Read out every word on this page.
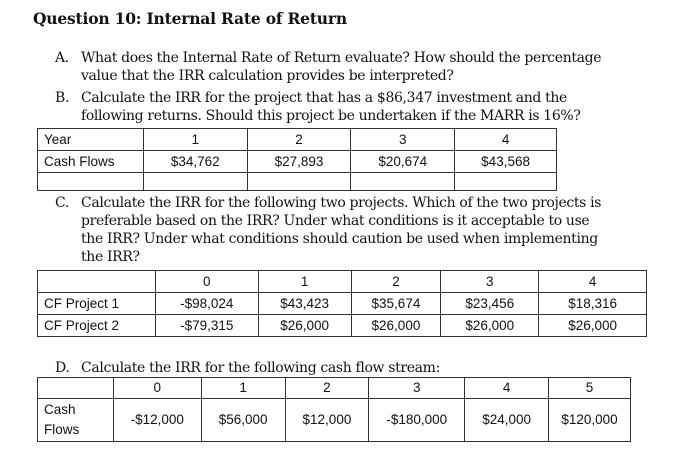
Question 10: Internal Rate of Return
A. What does the Internal Rate of Return evaluate? How should the percentage
value that the IRR calculation provides be interpreted?
B. Calculate the IRR for the project that has a $86,347 investment and the
following returns. Should this project be undertaken if the MARR is 16%?
Year	1	2	3	4
Cash Flows	$34,762	$27,893	$20,674	$43,568

C. Calculate the IRR for the following two projects. Which of the two projects is
preferable based on the IRR? Under what conditions is it acceptable to use
the IRR? Under what conditions should caution be used when implementing
the IRR?
	0	1	2	3	4
CF Project 1	-$98,024	$43,423	$35,674	$23,456	$18,316
CF Project 2	-$79,315	$26,000	$26,000	$26,000	$26,000
D. Calculate the IRR for the following cash flow stream:
	0	1	2	3	4	5

Cash
Flows	-$12,000	$56,000	$12,000	-$180,000	$24,000	$120,000
